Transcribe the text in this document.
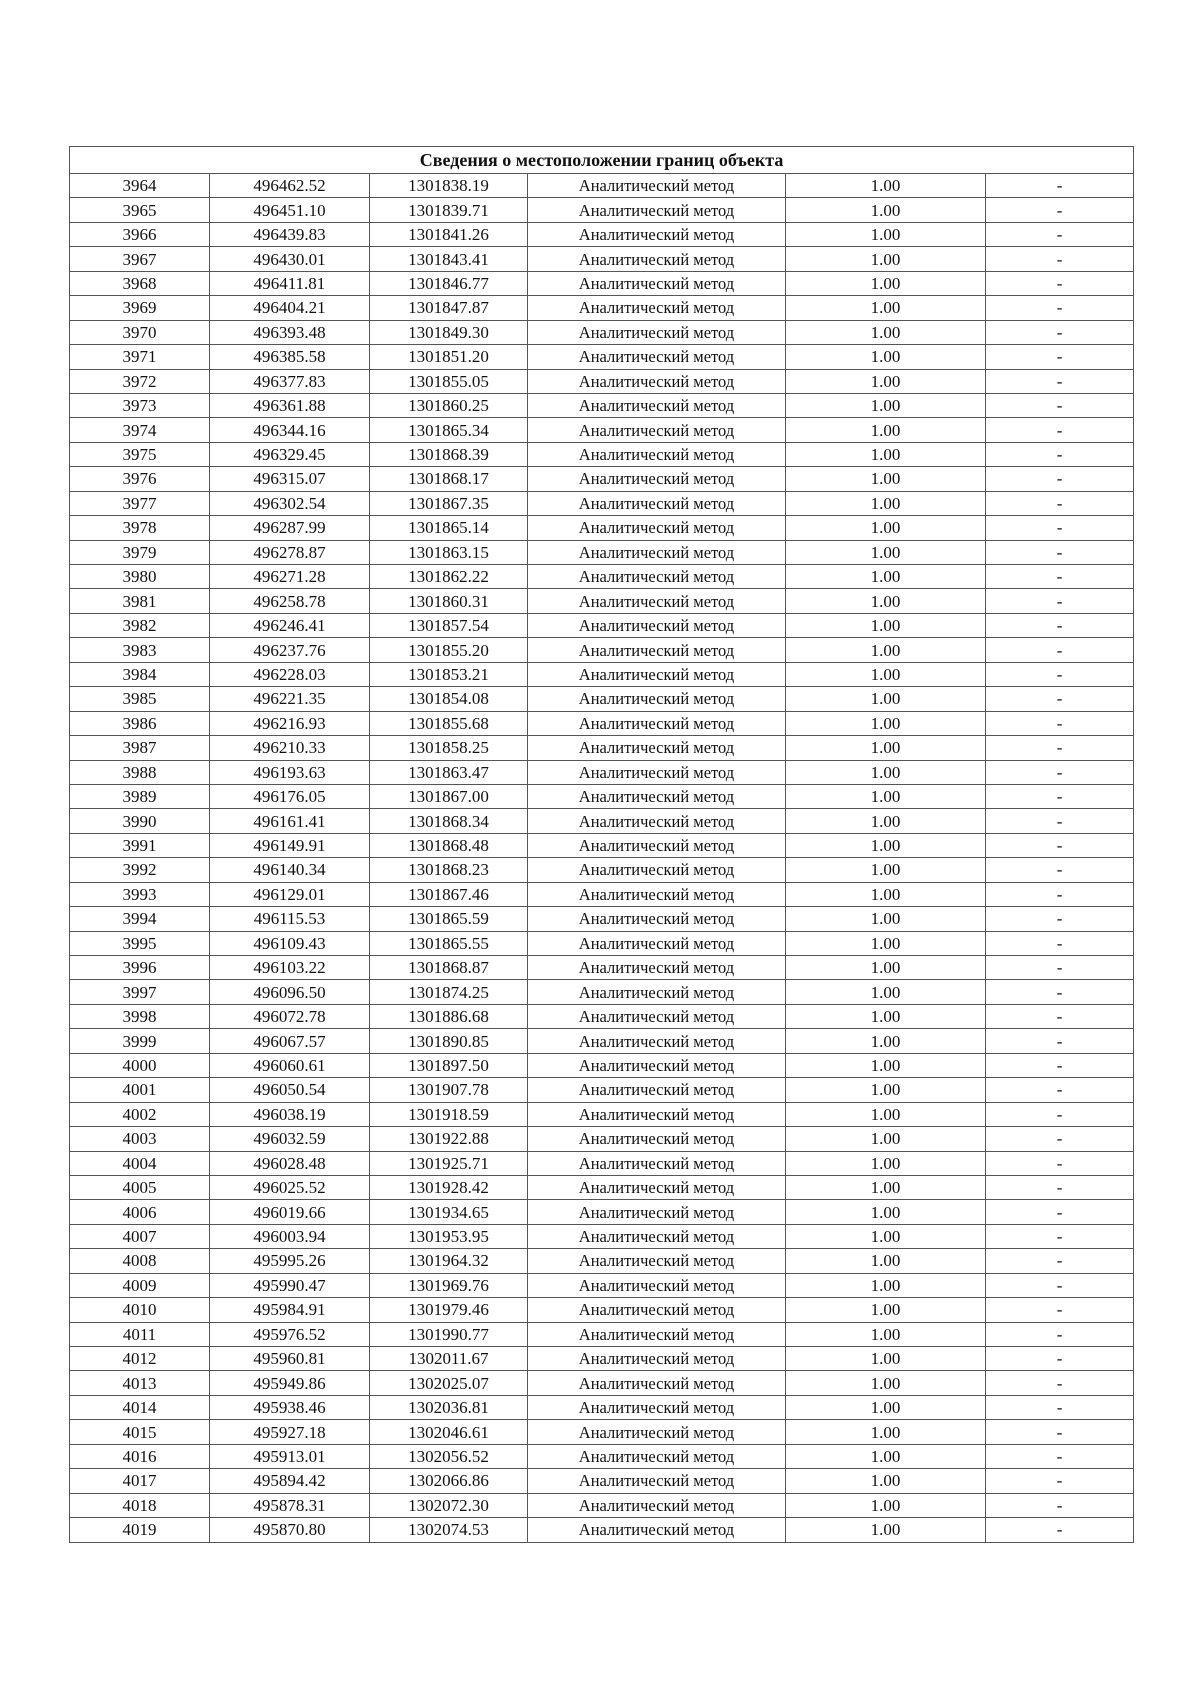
Сведения о местоположении границ объекта					
3964	496462.52	1301838.19	Аналитический метод	1.00	-
3965	496451.10	1301839.71	Аналитический метод	1.00	-
3966	496439.83	1301841.26	Аналитический метод	1.00	-
3967	496430.01	1301843.41	Аналитический метод	1.00	-
3968	496411.81	1301846.77	Аналитический метод	1.00	-
3969	496404.21	1301847.87	Аналитический метод	1.00	-
3970	496393.48	1301849.30	Аналитический метод	1.00	-
3971	496385.58	1301851.20	Аналитический метод	1.00	-
3972	496377.83	1301855.05	Аналитический метод	1.00	-
3973	496361.88	1301860.25	Аналитический метод	1.00	-
3974	496344.16	1301865.34	Аналитический метод	1.00	-
3975	496329.45	1301868.39	Аналитический метод	1.00	-
3976	496315.07	1301868.17	Аналитический метод	1.00	-
3977	496302.54	1301867.35	Аналитический метод	1.00	-
3978	496287.99	1301865.14	Аналитический метод	1.00	-
3979	496278.87	1301863.15	Аналитический метод	1.00	-
3980	496271.28	1301862.22	Аналитический метод	1.00	-
3981	496258.78	1301860.31	Аналитический метод	1.00	-
3982	496246.41	1301857.54	Аналитический метод	1.00	-
3983	496237.76	1301855.20	Аналитический метод	1.00	-
3984	496228.03	1301853.21	Аналитический метод	1.00	-
3985	496221.35	1301854.08	Аналитический метод	1.00	-
3986	496216.93	1301855.68	Аналитический метод	1.00	-
3987	496210.33	1301858.25	Аналитический метод	1.00	-
3988	496193.63	1301863.47	Аналитический метод	1.00	-
3989	496176.05	1301867.00	Аналитический метод	1.00	-
3990	496161.41	1301868.34	Аналитический метод	1.00	-
3991	496149.91	1301868.48	Аналитический метод	1.00	-
3992	496140.34	1301868.23	Аналитический метод	1.00	-
3993	496129.01	1301867.46	Аналитический метод	1.00	-
3994	496115.53	1301865.59	Аналитический метод	1.00	-
3995	496109.43	1301865.55	Аналитический метод	1.00	-
3996	496103.22	1301868.87	Аналитический метод	1.00	-
3997	496096.50	1301874.25	Аналитический метод	1.00	-
3998	496072.78	1301886.68	Аналитический метод	1.00	-
3999	496067.57	1301890.85	Аналитический метод	1.00	-
4000	496060.61	1301897.50	Аналитический метод	1.00	-
4001	496050.54	1301907.78	Аналитический метод	1.00	-
4002	496038.19	1301918.59	Аналитический метод	1.00	-
4003	496032.59	1301922.88	Аналитический метод	1.00	-
4004	496028.48	1301925.71	Аналитический метод	1.00	-
4005	496025.52	1301928.42	Аналитический метод	1.00	-
4006	496019.66	1301934.65	Аналитический метод	1.00	-
4007	496003.94	1301953.95	Аналитический метод	1.00	-
4008	495995.26	1301964.32	Аналитический метод	1.00	-
4009	495990.47	1301969.76	Аналитический метод	1.00	-
4010	495984.91	1301979.46	Аналитический метод	1.00	-
4011	495976.52	1301990.77	Аналитический метод	1.00	-
4012	495960.81	1302011.67	Аналитический метод	1.00	-
4013	495949.86	1302025.07	Аналитический метод	1.00	-
4014	495938.46	1302036.81	Аналитический метод	1.00	-
4015	495927.18	1302046.61	Аналитический метод	1.00	-
4016	495913.01	1302056.52	Аналитический метод	1.00	-
4017	495894.42	1302066.86	Аналитический метод	1.00	-
4018	495878.31	1302072.30	Аналитический метод	1.00	-
4019	495870.80	1302074.53	Аналитический метод	1.00	-
